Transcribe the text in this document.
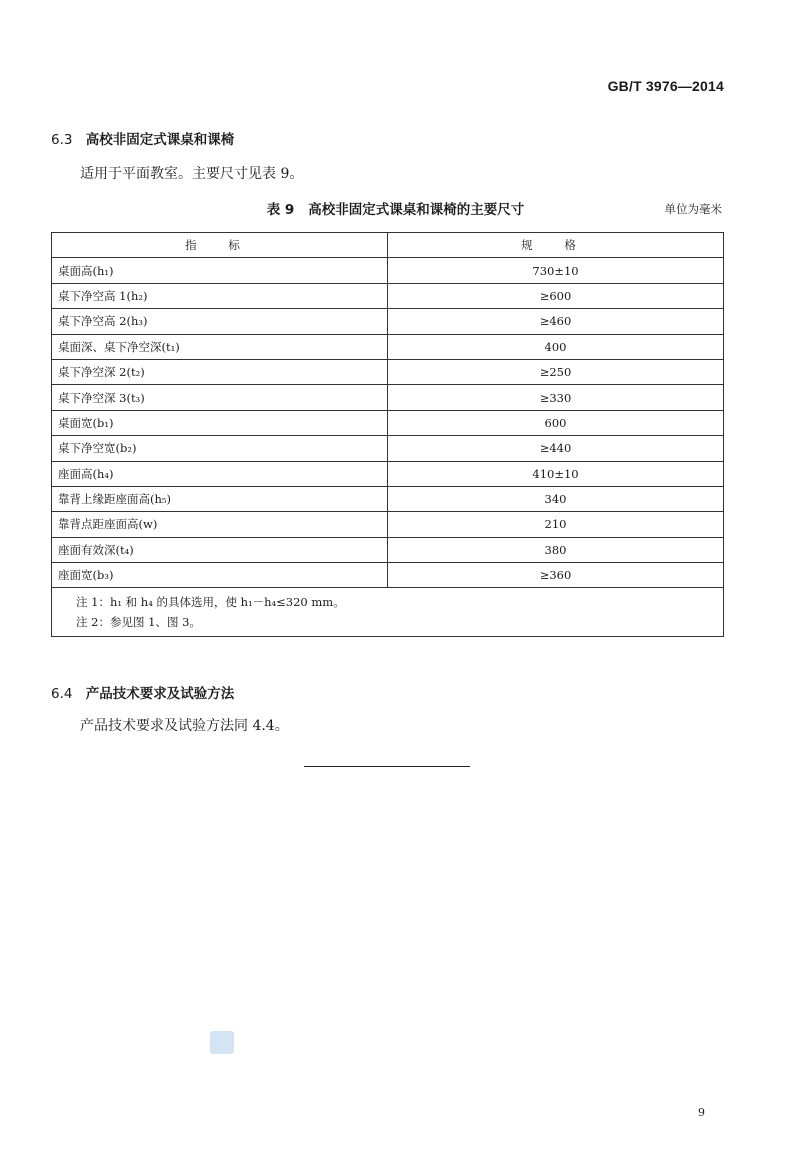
GB/T 3976—2014
6.3 高校非固定式课桌和课椅
适用于平面教室。主要尺寸见表 9。
表 9 高校非固定式课桌和课椅的主要尺寸	单位为毫米
指 标	规 格
桌面高(h₁)	730±10
桌下净空高 1(h₂)	≥600
桌下净空高 2(h₃)	≥460
桌面深、桌下净空深(t₁)	400
桌下净空深 2(t₂)	≥250
桌下净空深 3(t₃)	≥330
桌面宽(b₁)	600
桌下净空宽(b₂)	≥440
座面高(h₄)	410±10
靠背上缘距座面高(h₅)	340
靠背点距座面高(w)	210
座面有效深(t₄)	380
座面宽(b₃)	≥360

注 1：h₁ 和 h₄ 的具体选用，使 h₁－h₄≤320 mm。
注 2：参见图 1、图 3。	
6.4 产品技术要求及试验方法
产品技术要求及试验方法同 4.4。
9
